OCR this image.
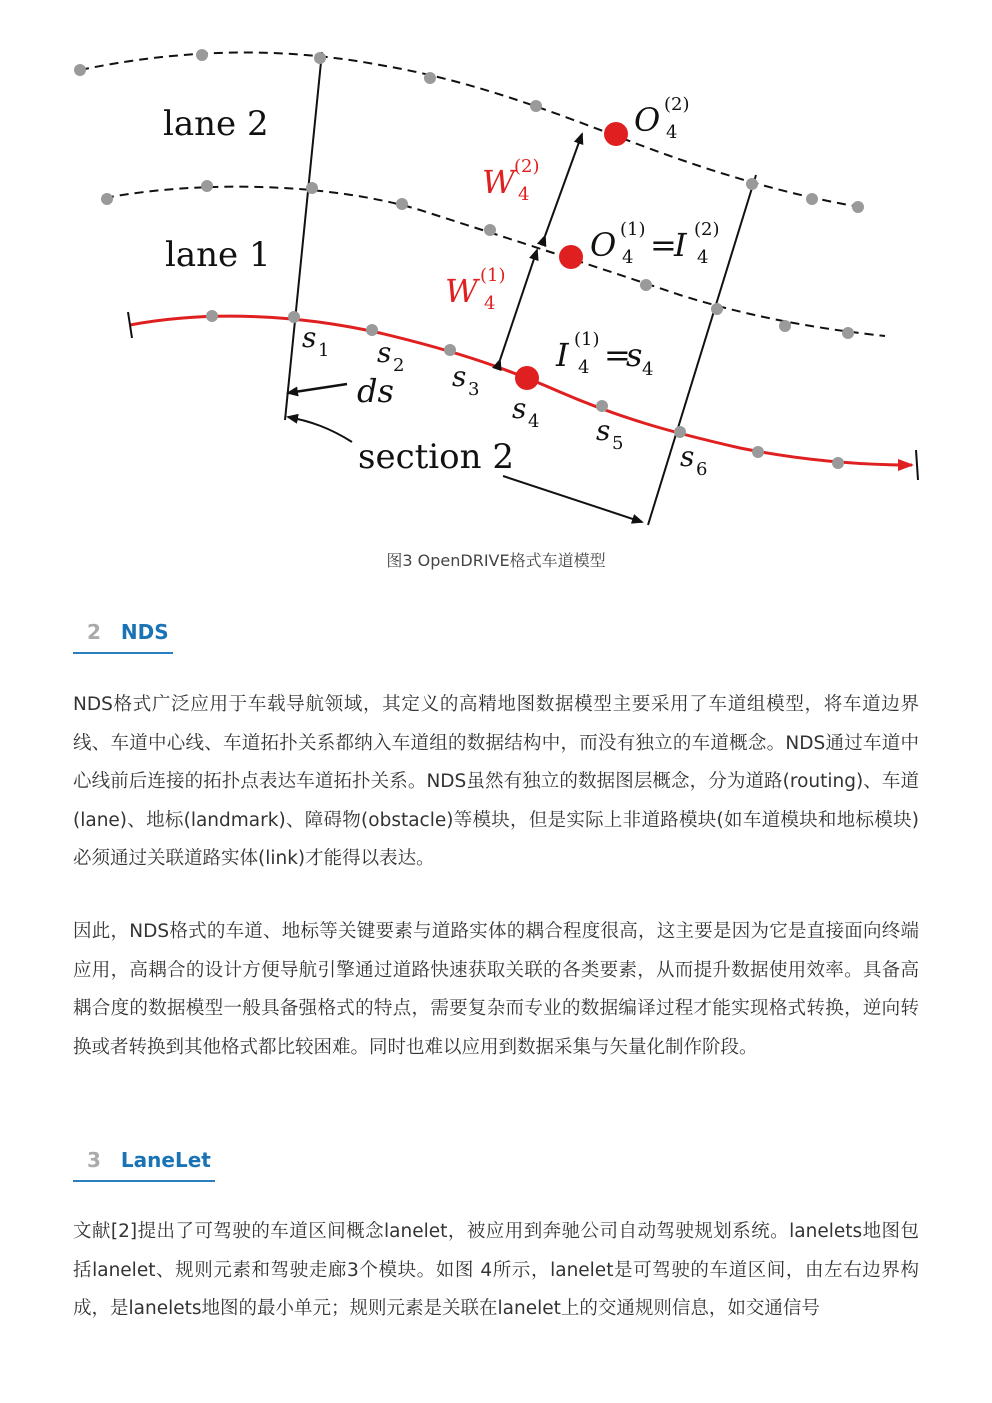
lane 2
lane 1
section 2
ds
s 1 s 2 s 3
s 4 s 5 s 6
W 4
(2)
W 4
(1)
O 4
(2)
O 4
(1) =
I 4
(2)
I 4
(1) =
s 4
图3 OpenDRIVE格式车道模型
2 NDS

NDS格式广泛应用于车载导航领域，其定义的高精地图数据模型主要采用了车道组模型，将车道边界线、车道中心线、车道拓扑关系都纳入车道组的数据结构中，而没有独立的车道概念。NDS通过车道中心线前后连接的拓扑点表达车道拓扑关系。NDS虽然有独立的数据图层概念，分为道路(routing)、车道(lane)、地标(landmark)、障碍物(obstacle)等模块，但是实际上非道路模块(如车道模块和地标模块)必须通过关联道路实体(link)才能得以表达。

因此，NDS格式的车道、地标等关键要素与道路实体的耦合程度很高，这主要是因为它是直接面向终端应用，高耦合的设计方便导航引擎通过道路快速获取关联的各类要素，从而提升数据使用效率。具备高耦合度的数据模型一般具备强格式的特点，需要复杂而专业的数据编译过程才能实现格式转换，逆向转换或者转换到其他格式都比较困难。同时也难以应用到数据采集与矢量化制作阶段。

3 LaneLet

文献[2]提出了可驾驶的车道区间概念lanelet，被应用到奔驰公司自动驾驶规划系统。lanelets地图包括lanelet、规则元素和驾驶走廊3个模块。如图 4所示，lanelet是可驾驶的车道区间，由左右边界构成，是lanelets地图的最小单元；规则元素是关联在lanelet上的交通规则信息，如交通信号
